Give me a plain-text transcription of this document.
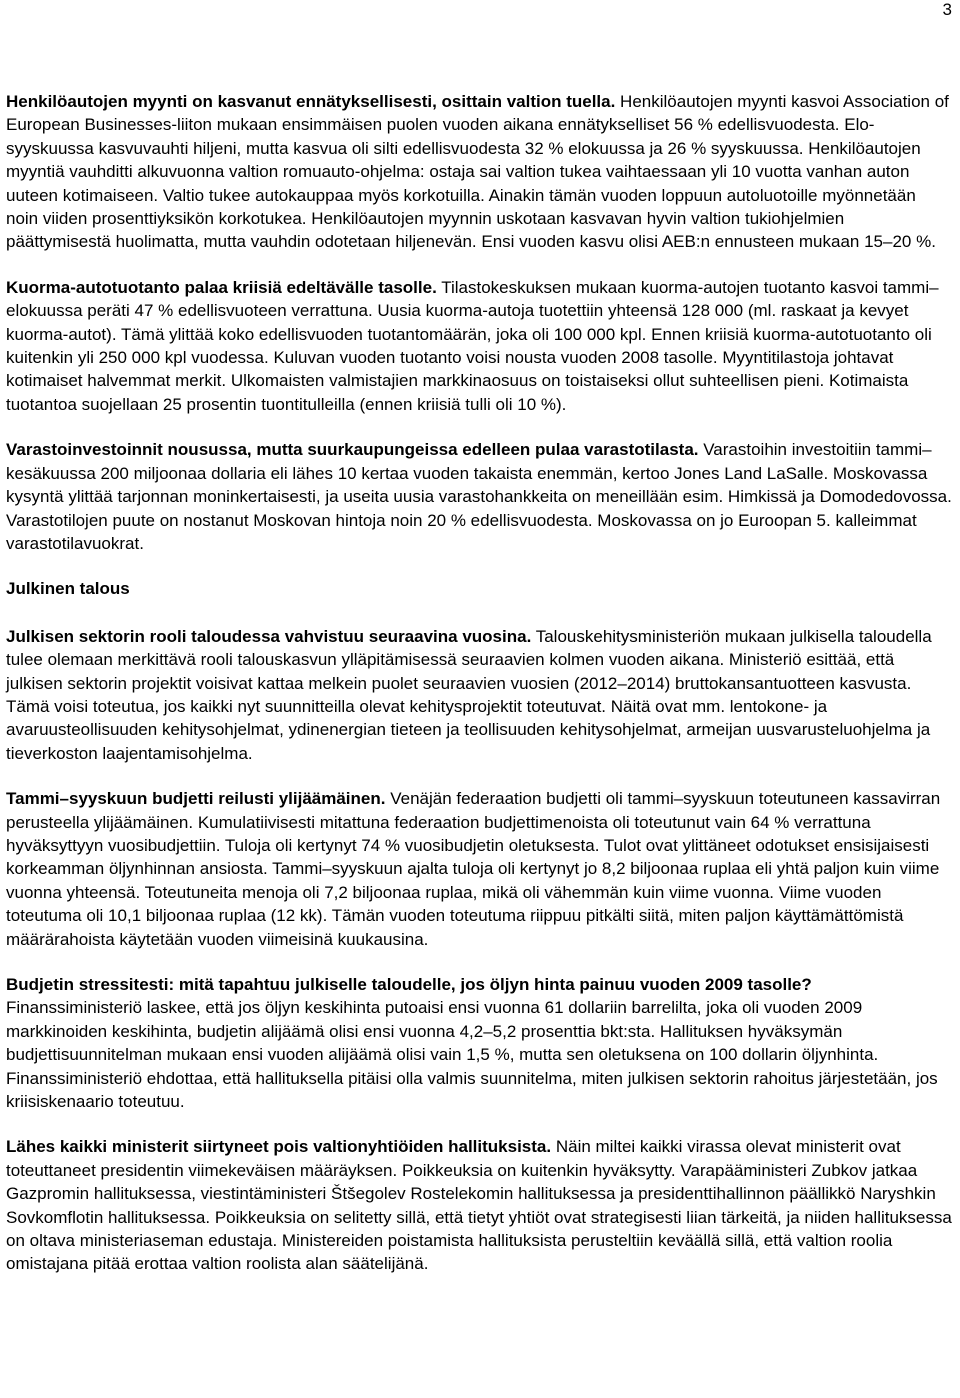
3

Henkilöautojen myynti on kasvanut ennätyksellisesti, osittain valtion tuella. Henkilöautojen myynti kasvoi Association of European Businesses-liiton mukaan ensimmäisen puolen vuoden aikana ennätykselliset 56 % edellisvuodesta. Elo-syyskuussa kasvuvauhti hiljeni, mutta kasvua oli silti edellisvuodesta 32 % elokuussa ja 26 % syyskuussa. Henkilöautojen myyntiä vauhditti alkuvuonna valtion romuauto-ohjelma: ostaja sai valtion tukea vaihtaessaan yli 10 vuotta vanhan auton uuteen kotimaiseen. Valtio tukee autokauppaa myös korkotuilla. Ainakin tämän vuoden loppuun autoluotoille myönnetään noin viiden prosenttiyksikön korkotukea. Henkilöautojen myynnin uskotaan kasvavan hyvin valtion tukiohjelmien päättymisestä huolimatta, mutta vauhdin odotetaan hiljenevän. Ensi vuoden kasvu olisi AEB:n ennusteen mukaan 15–20 %.

Kuorma-autotuotanto palaa kriisiä edeltävälle tasolle. Tilastokeskuksen mukaan kuorma-autojen tuotanto kasvoi tammi–elokuussa peräti 47 % edellisvuoteen verrattuna. Uusia kuorma-autoja tuotettiin yhteensä 128 000 (ml. raskaat ja kevyet kuorma-autot). Tämä ylittää koko edellisvuoden tuotantomäärän, joka oli 100 000 kpl. Ennen kriisiä kuorma-autotuotanto oli kuitenkin yli 250 000 kpl vuodessa. Kuluvan vuoden tuotanto voisi nousta vuoden 2008 tasolle. Myyntitilastoja johtavat kotimaiset halvemmat merkit. Ulkomaisten valmistajien markkinaosuus on toistaiseksi ollut suhteellisen pieni. Kotimaista tuotantoa suojellaan 25 prosentin tuontitulleilla (ennen kriisiä tulli oli 10 %).

Varastoinvestoinnit nousussa, mutta suurkaupungeissa edelleen pulaa varastotilasta. Varastoihin investoitiin tammi–kesäkuussa 200 miljoonaa dollaria eli lähes 10 kertaa vuoden takaista enemmän, kertoo Jones Land LaSalle. Moskovassa kysyntä ylittää tarjonnan moninkertaisesti, ja useita uusia varastohankkeita on meneillään esim. Himkissä ja Domodedovossa. Varastotilojen puute on nostanut Moskovan hintoja noin 20 % edellisvuodesta. Moskovassa on jo Euroopan 5. kalleimmat varastotilavuokrat.

Julkinen talous

Julkisen sektorin rooli taloudessa vahvistuu seuraavina vuosina. Talouskehitysministeriön mukaan julkisella taloudella tulee olemaan merkittävä rooli talouskasvun ylläpitämisessä seuraavien kolmen vuoden aikana. Ministeriö esittää, että julkisen sektorin projektit voisivat kattaa melkein puolet seuraavien vuosien (2012–2014) bruttokansantuotteen kasvusta. Tämä voisi toteutua, jos kaikki nyt suunnitteilla olevat kehitysprojektit toteutuvat. Näitä ovat mm. lentokone- ja avaruusteollisuuden kehitysohjelmat, ydinenergian tieteen ja teollisuuden kehitysohjelmat, armeijan uusvarusteluohjelma ja tieverkoston laajentamisohjelma.

Tammi–syyskuun budjetti reilusti ylijäämäinen. Venäjän federaation budjetti oli tammi–syyskuun toteutuneen kassavirran perusteella ylijäämäinen. Kumulatiivisesti mitattuna federaation budjettimenoista oli toteutunut vain 64 % verrattuna hyväksyttyyn vuosibudjettiin. Tuloja oli kertynyt 74 % vuosibudjetin oletuksesta. Tulot ovat ylittäneet odotukset ensisijaisesti korkeamman öljynhinnan ansiosta. Tammi–syyskuun ajalta tuloja oli kertynyt jo 8,2 biljoonaa ruplaa eli yhtä paljon kuin viime vuonna yhteensä. Toteutuneita menoja oli 7,2 biljoonaa ruplaa, mikä oli vähemmän kuin viime vuonna. Viime vuoden toteutuma oli 10,1 biljoonaa ruplaa (12 kk). Tämän vuoden toteutuma riippuu pitkälti siitä, miten paljon käyttämättömistä määrärahoista käytetään vuoden viimeisinä kuukausina.

Budjetin stressitesti: mitä tapahtuu julkiselle taloudelle, jos öljyn hinta painuu vuoden 2009 tasolle? Finanssiministeriö laskee, että jos öljyn keskihinta putoaisi ensi vuonna 61 dollariin barrelilta, joka oli vuoden 2009 markkinoiden keskihinta, budjetin alijäämä olisi ensi vuonna 4,2–5,2 prosenttia bkt:sta. Hallituksen hyväksymän budjettisuunnitelman mukaan ensi vuoden alijäämä olisi vain 1,5 %, mutta sen oletuksena on 100 dollarin öljynhinta. Finanssiministeriö ehdottaa, että hallituksella pitäisi olla valmis suunnitelma, miten julkisen sektorin rahoitus järjestetään, jos kriisiskenaario toteutuu.

Lähes kaikki ministerit siirtyneet pois valtionyhtiöiden hallituksista. Näin miltei kaikki virassa olevat ministerit ovat toteuttaneet presidentin viimekeväisen määräyksen. Poikkeuksia on kuitenkin hyväksytty. Varapääministeri Zubkov jatkaa Gazpromin hallituksessa, viestintäministeri Štšegolev Rostelekomin hallituksessa ja presidenttihallinnon päällikkö Naryshkin Sovkomflotin hallituksessa. Poikkeuksia on selitetty sillä, että tietyt yhtiöt ovat strategisesti liian tärkeitä, ja niiden hallituksessa on oltava ministeriaseman edustaja. Ministereiden poistamista hallituksista perusteltiin keväällä sillä, että valtion roolia omistajana pitää erottaa valtion roolista alan säätelijänä.
